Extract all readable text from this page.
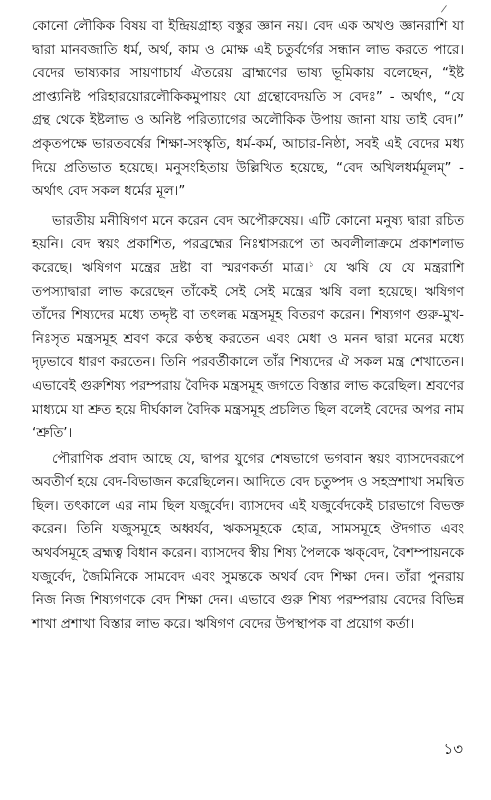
/

কোনো লৌকিক বিষয় বা ইন্দ্রিয়গ্রাহ্য বস্তুর জ্ঞান নয়। বেদ এক অখণ্ড জ্ঞানরাশি যা দ্বারা মানবজাতি ধর্ম, অর্থ, কাম ও মোক্ষ এই চতুর্বর্গের সন্ধান লাভ করতে পারে। বেদের ভাষ্যকার সায়ণাচার্য ঐতরেয় ব্রাহ্মণের ভাষ্য ভূমিকায় বলেছেন, “ইষ্ট প্রাপ্ত্যনিষ্ট পরিহারয়োরলৌকিকমুপায়ং যো গ্রন্থোবেদয়তি স বেদঃ” - অর্থাৎ, “যে গ্রন্থ থেকে ইষ্টলাভ ও অনিষ্ট পরিত্যাগের অলৌকিক উপায় জানা যায় তাই বেদ।” প্রকৃতপক্ষে ভারতবর্ষের শিক্ষা-সংস্কৃতি, ধর্ম-কর্ম, আচার-নিষ্ঠা, সবই এই বেদের মধ্য দিয়ে প্রতিভাত হয়েছে। মনুসংহিতায় উল্লিখিত হয়েছে, “বেদ অখিলধর্মমূলম্” - অর্থাৎ বেদ সকল ধর্মের মূল।”

ভারতীয় মনীষিগণ মনে করেন বেদ অপৌরুষেয়। এটি কোনো মনুষ্য দ্বারা রচিত হয়নি। বেদ স্বয়ং প্রকাশিত, পরব্রহ্মের নিঃশ্বাসরূপে তা অবলীলাক্রমে প্রকাশলাভ করেছে। ঋষিগণ মন্ত্রের দ্রষ্টা বা স্মরণকর্তা মাত্র।$^১$ যে ঋষি যে যে মন্ত্ররাশি তপস্যাদ্বারা লাভ করেছেন তাঁকেই সেই সেই মন্ত্রের ঋষি বলা হয়েছে। ঋষিগণ তাঁদের শিষ্যদের মধ্যে তদ্দৃষ্ট বা তৎলব্ধ মন্ত্রসমূহ বিতরণ করেন। শিষ্যগণ গুরু-মুখ-নিঃসৃত মন্ত্রসমূহ শ্রবণ করে কণ্ঠস্থ করতেন এবং মেধা ও মনন দ্বারা মনের মধ্যে দৃঢ়ভাবে ধারণ করতেন। তিনি পরবর্তীকালে তাঁর শিষ্যদের ঐ সকল মন্ত্র শেখাতেন। এভাবেই গুরুশিষ্য পরম্পরায় বৈদিক মন্ত্রসমূহ জগতে বিস্তার লাভ করেছিল। শ্রবণের মাধ্যমে যা শ্রুত হয়ে দীর্ঘকাল বৈদিক মন্ত্রসমূহ প্রচলিত ছিল বলেই বেদের অপর নাম ‘শ্রুতি’।

পৌরাণিক প্রবাদ আছে যে, দ্বাপর যুগের শেষভাগে ভগবান স্বয়ং ব্যাসদেবরূপে অবতীর্ণ হয়ে বেদ-বিভাজন করেছিলেন। আদিতে বেদ চতুষ্পদ ও সহস্রশাখা সমন্বিত ছিল। তৎকালে এর নাম ছিল যজুর্বেদ। ব্যাসদেব এই যজুর্বেদকেই চারভাগে বিভক্ত করেন। তিনি যজুসমূহে অধ্বর্যব, ঋকসমূহকে হোত্র, সামসমূহে ঔদগাত এবং অথর্বসমূহে ব্রহ্মত্ব বিধান করেন। ব্যাসদেব স্বীয় শিষ্য পৈলকে ঋক্‌বেদ, বৈশম্পায়নকে যজুর্বেদ, জৈমিনিকে সামবেদ এবং সুমন্তকে অথর্ব বেদ শিক্ষা দেন। তাঁরা পুনরায় নিজ নিজ শিষ্যগণকে বেদ শিক্ষা দেন। এভাবে গুরু শিষ্য পরম্পরায় বেদের বিভিন্ন শাখা প্রশাখা বিস্তার লাভ করে। ঋষিগণ বেদের উপস্থাপক বা প্রয়োগ কর্তা।

১৩
